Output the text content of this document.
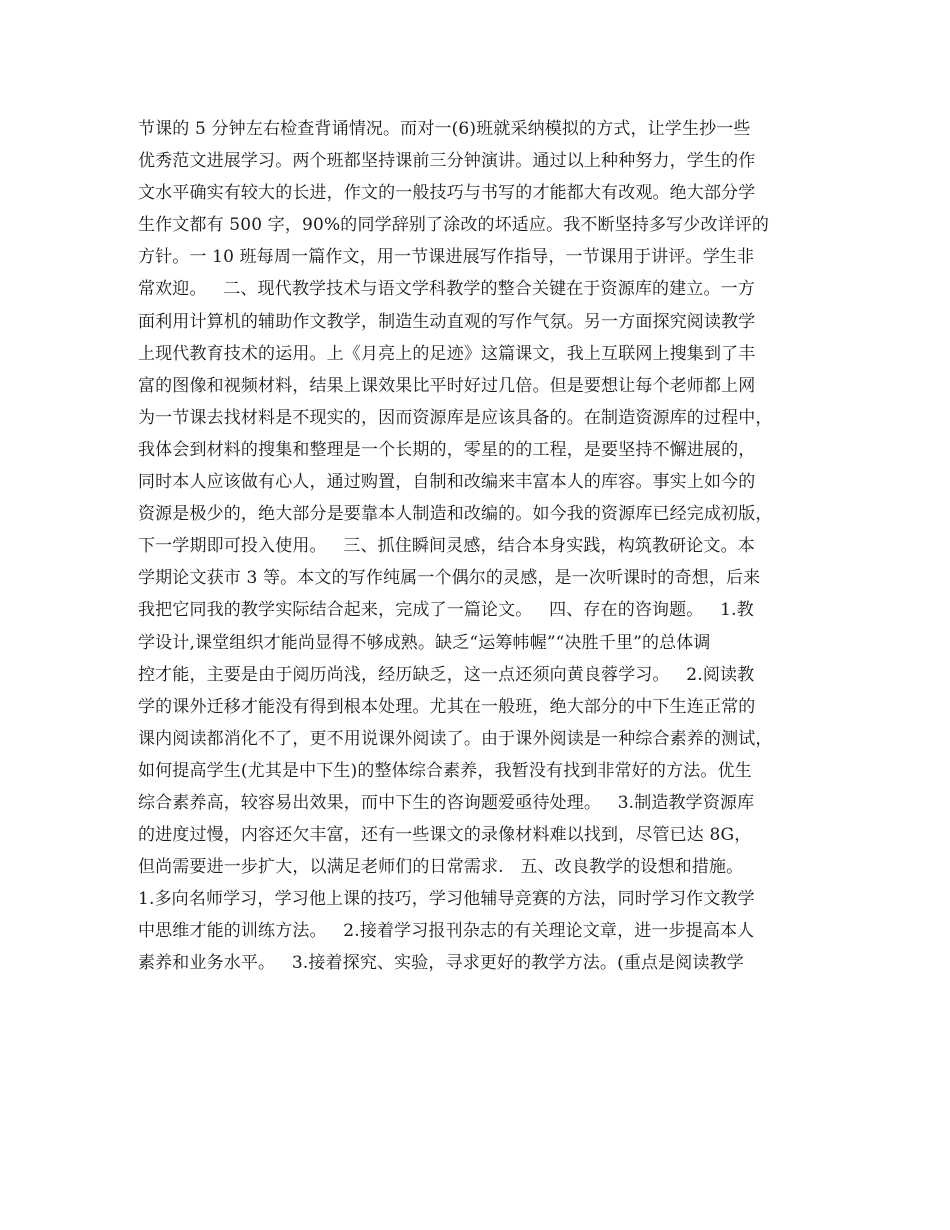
节课的 5 分钟左右检查背诵情况。而对一(6)班就采纳模拟的方式，让学生抄一些
优秀范文进展学习。两个班都坚持课前三分钟演讲。通过以上种种努力，学生的作
文水平确实有较大的长进，作文的一般技巧与书写的才能都大有改观。绝大部分学
生作文都有 500 字，90%的同学辞别了涂改的坏适应。我不断坚持多写少改详评的
方针。一 10 班每周一篇作文，用一节课进展写作指导，一节课用于讲评。学生非
常欢迎。   二、现代教学技术与语文学科教学的整合关键在于资源库的建立。一方
面利用计算机的辅助作文教学，制造生动直观的写作气氛。另一方面探究阅读教学
上现代教育技术的运用。上《月亮上的足迹》这篇课文，我上互联网上搜集到了丰
富的图像和视频材料，结果上课效果比平时好过几倍。但是要想让每个老师都上网
为一节课去找材料是不现实的，因而资源库是应该具备的。在制造资源库的过程中，
我体会到材料的搜集和整理是一个长期的，零星的的工程，是要坚持不懈进展的，
同时本人应该做有心人，通过购置，自制和改编来丰富本人的库容。事实上如今的
资源是极少的，绝大部分是要靠本人制造和改编的。如今我的资源库已经完成初版，
下一学期即可投入使用。   三、抓住瞬间灵感，结合本身实践，构筑教研论文。本
学期论文获市 3 等。本文的写作纯属一个偶尔的灵感，是一次听课时的奇想，后来
我把它同我的教学实际结合起来，完成了一篇论文。   四、存在的咨询题。   1.教
学设计,课堂组织才能尚显得不够成熟。缺乏“运筹帏幄”“决胜千里”的总体调
控才能，主要是由于阅历尚浅，经历缺乏，这一点还须向黄良蓉学习。   2.阅读教
学的课外迁移才能没有得到根本处理。尤其在一般班，绝大部分的中下生连正常的
课内阅读都消化不了，更不用说课外阅读了。由于课外阅读是一种综合素养的测试，
如何提高学生(尤其是中下生)的整体综合素养，我暂没有找到非常好的方法。优生
综合素养高，较容易出效果，而中下生的咨询题爱亟待处理。   3.制造教学资源库
的进度过慢，内容还欠丰富，还有一些课文的录像材料难以找到，尽管已达 8G，
但尚需要进一步扩大，以满足老师们的日常需求.   五、改良教学的设想和措施。
1.多向名师学习，学习他上课的技巧，学习他辅导竞赛的方法，同时学习作文教学
中思维才能的训练方法。   2.接着学习报刊杂志的有关理论文章，进一步提高本人
素养和业务水平。   3.接着探究、实验，寻求更好的教学方法。(重点是阅读教学
